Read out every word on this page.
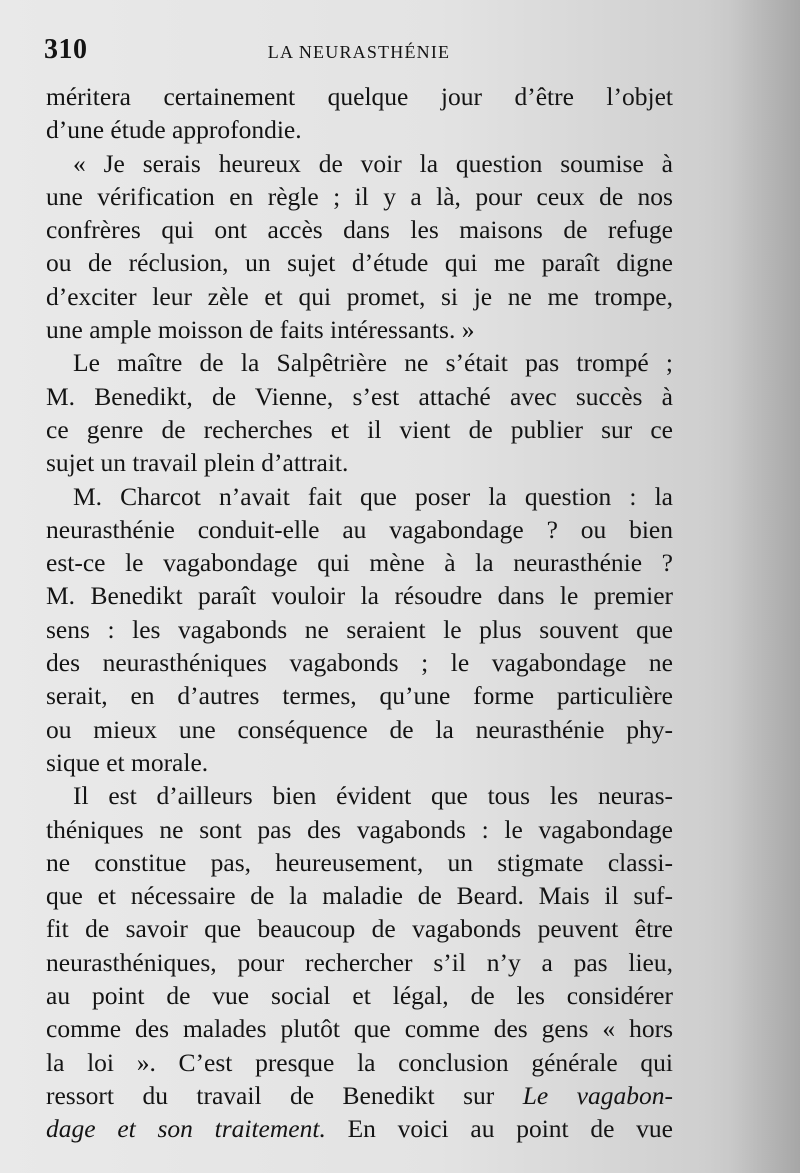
310	LA NEURASTHÉNIE
méritera certainement quelque jour d’être l’objet
d’une étude approfondie.
« Je serais heureux de voir la question soumise à
une vérification en règle ; il y a là, pour ceux de nos
confrères qui ont accès dans les maisons de refuge
ou de réclusion, un sujet d’étude qui me paraît digne
d’exciter leur zèle et qui promet, si je ne me trompe,
une ample moisson de faits intéressants. »
Le maître de la Salpêtrière ne s’était pas trompé ;
M. Benedikt, de Vienne, s’est attaché avec succès à
ce genre de recherches et il vient de publier sur ce
sujet un travail plein d’attrait.
M. Charcot n’avait fait que poser la question : la
neurasthénie conduit-elle au vagabondage ? ou bien
est-ce le vagabondage qui mène à la neurasthénie ?
M. Benedikt paraît vouloir la résoudre dans le premier
sens : les vagabonds ne seraient le plus souvent que
des neurasthéniques vagabonds ; le vagabondage ne
serait, en d’autres termes, qu’une forme particulière
ou mieux une conséquence de la neurasthénie phy-
sique et morale.
Il est d’ailleurs bien évident que tous les neuras-
théniques ne sont pas des vagabonds : le vagabondage
ne constitue pas, heureusement, un stigmate classi-
que et nécessaire de la maladie de Beard. Mais il suf-
fit de savoir que beaucoup de vagabonds peuvent être
neurasthéniques, pour rechercher s’il n’y a pas lieu,
au point de vue social et légal, de les considérer
comme des malades plutôt que comme des gens « hors
la loi ». C’est presque la conclusion générale qui
ressort du travail de Benedikt sur Le vagabon-
dage et son traitement. En voici au point de vue
